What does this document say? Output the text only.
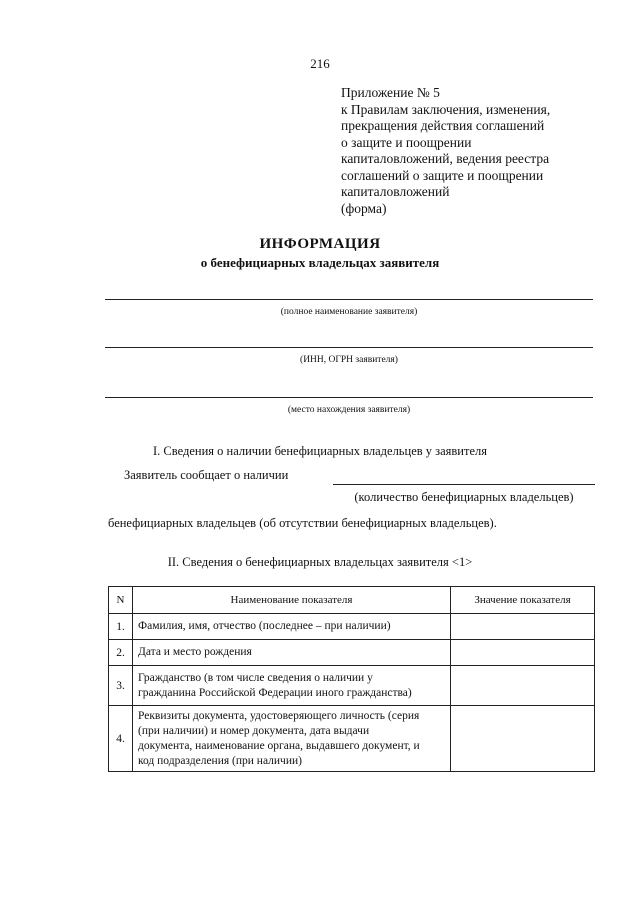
216
Приложение № 5
к Правилам заключения, изменения,
прекращения действия соглашений
о защите и поощрении
капиталовложений, ведения реестра
соглашений о защите и поощрении
капиталовложений
(форма)
ИНФОРМАЦИЯ
о бенефициарных владельцах заявителя
(полное наименование заявителя)
(ИНН, ОГРН заявителя)
(место нахождения заявителя)
I. Сведения о наличии бенефициарных владельцев у заявителя
Заявитель сообщает о наличии
(количество бенефициарных владельцев)
бенефициарных владельцев (об отсутствии бенефициарных владельцев).
II. Сведения о бенефициарных владельцах заявителя <1>
N	Наименование показателя	Значение показателя
1.	Фамилия, имя, отчество (последнее – при наличии)	

2.	Дата и место рождения	

3.	Гражданство (в том числе сведения о наличии у
гражданина Российской Федерации иного гражданства)	

4.	Реквизиты документа, удостоверяющего личность (серия
(при наличии) и номер документа, дата выдачи
документа, наименование органа, выдавшего документ, и
код подразделения (при наличии)	
